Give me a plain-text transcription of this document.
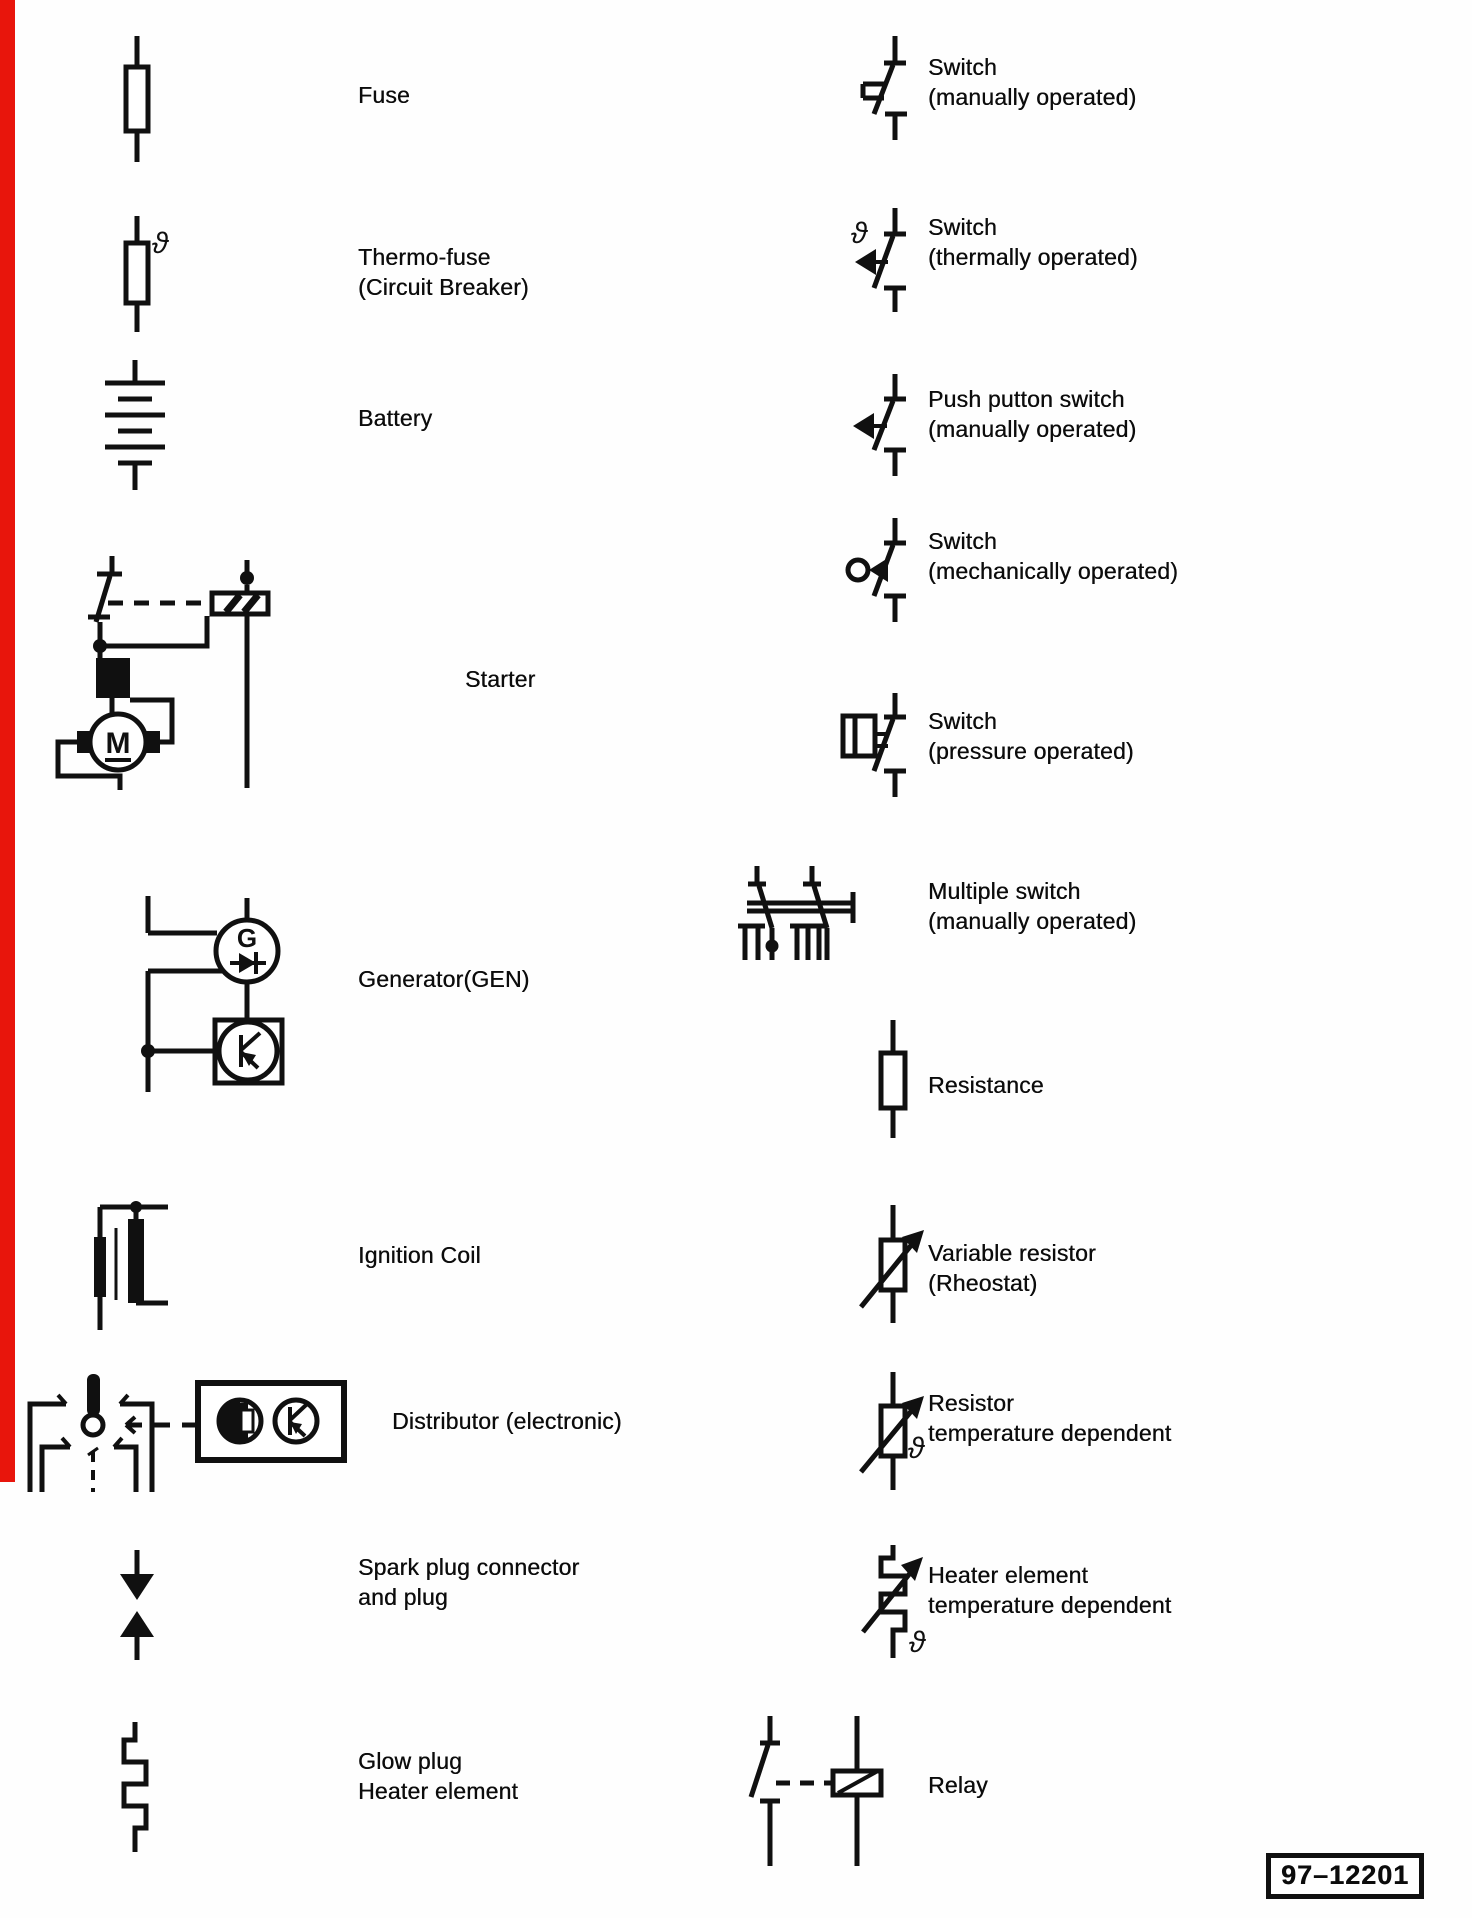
ϑ
M
G
ϑ
ϑ
ϑ
Fuse
Thermo-fuse
(Circuit Breaker)
Battery
Starter
Generator(GEN)
Ignition Coil
Distributor (electronic)
Spark plug connector
and plug
Glow plug
Heater element
Switch
(manually operated)
Switch
(thermally operated)
Push putton switch
(manually operated)
Switch
(mechanically operated)
Switch
(pressure operated)
Multiple switch
(manually operated)
Resistance
Variable resistor
(Rheostat)
Resistor
temperature dependent
Heater element
temperature dependent
Relay
97–12201
